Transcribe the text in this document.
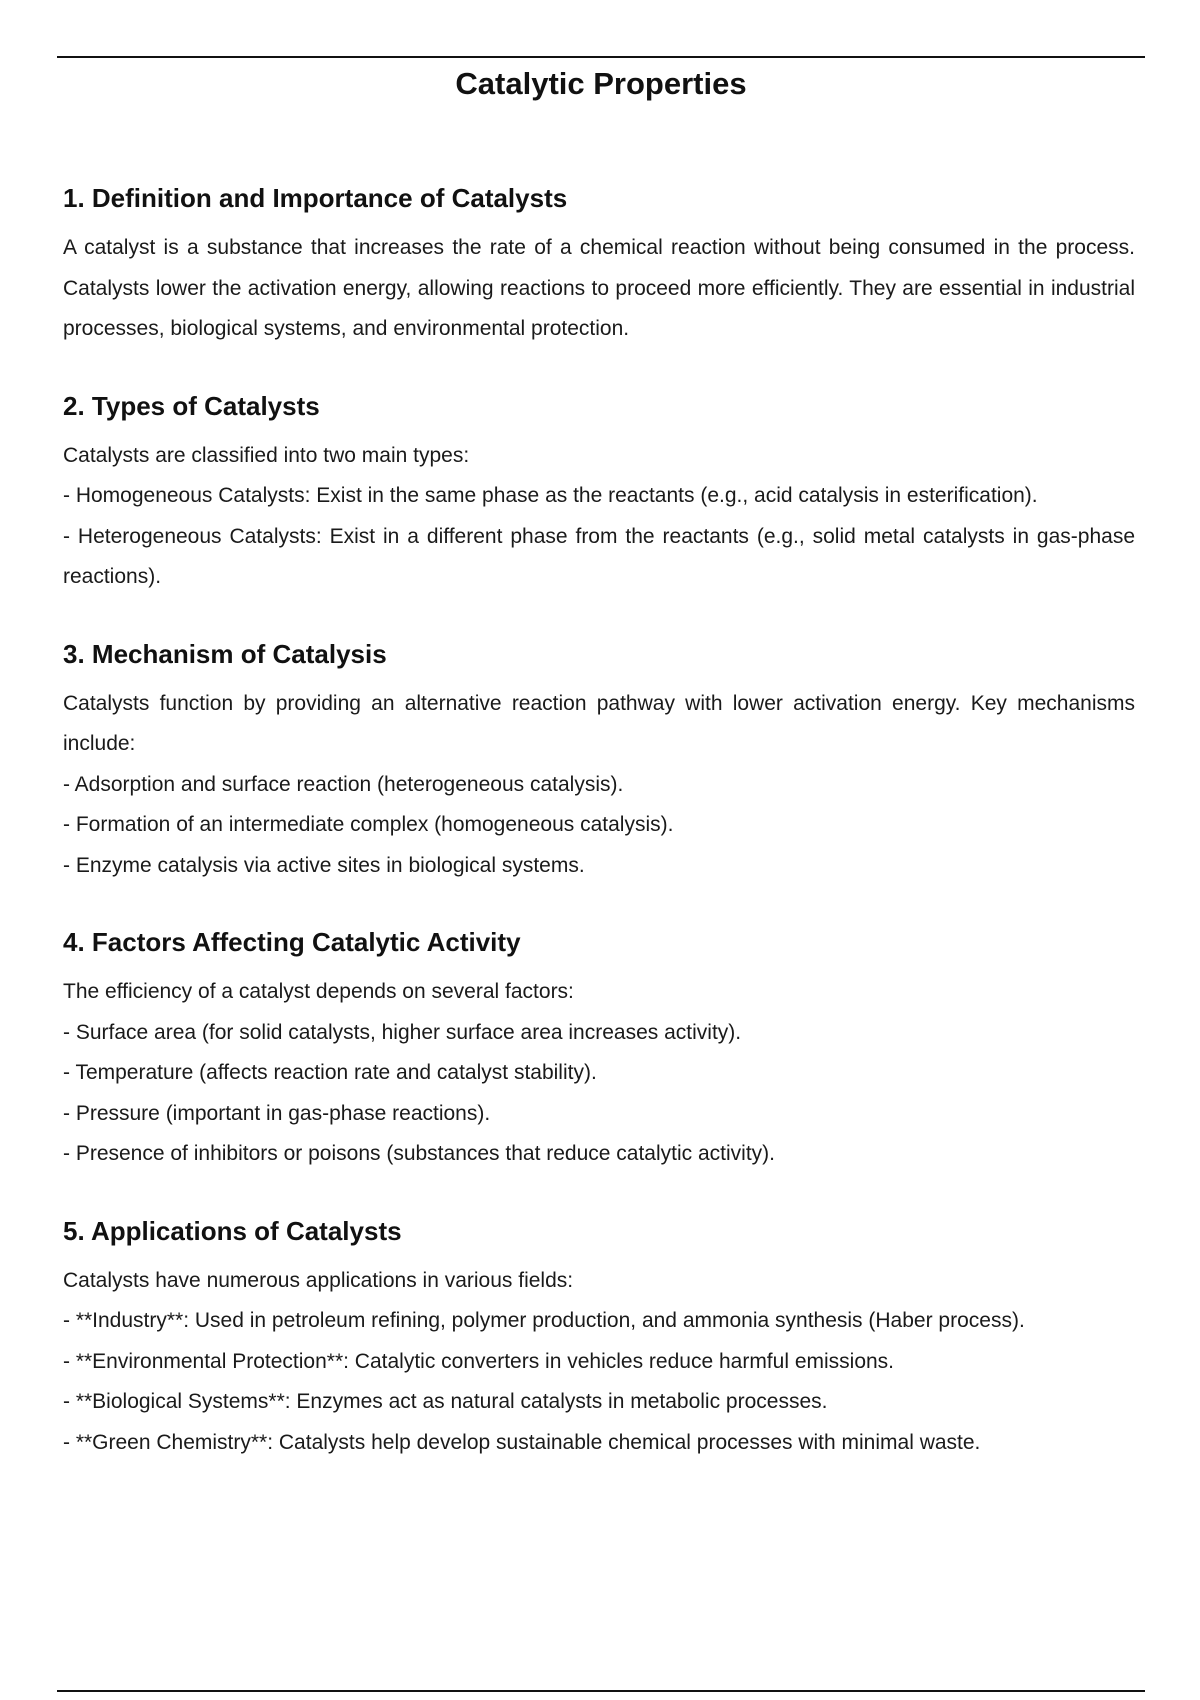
Catalytic Properties
1. Definition and Importance of Catalysts

A catalyst is a substance that increases the rate of a chemical reaction without being consumed in the process. Catalysts lower the activation energy, allowing reactions to proceed more efficiently. They are essential in industrial processes, biological systems, and environmental protection.

2. Types of Catalysts

Catalysts are classified into two main types:

- Homogeneous Catalysts: Exist in the same phase as the reactants (e.g., acid catalysis in esterification).

- Heterogeneous Catalysts: Exist in a different phase from the reactants (e.g., solid metal catalysts in gas-phase reactions).

3. Mechanism of Catalysis

Catalysts function by providing an alternative reaction pathway with lower activation energy. Key mechanisms include:

- Adsorption and surface reaction (heterogeneous catalysis).

- Formation of an intermediate complex (homogeneous catalysis).

- Enzyme catalysis via active sites in biological systems.

4. Factors Affecting Catalytic Activity

The efficiency of a catalyst depends on several factors:

- Surface area (for solid catalysts, higher surface area increases activity).

- Temperature (affects reaction rate and catalyst stability).

- Pressure (important in gas-phase reactions).

- Presence of inhibitors or poisons (substances that reduce catalytic activity).

5. Applications of Catalysts

Catalysts have numerous applications in various fields:

- **Industry**: Used in petroleum refining, polymer production, and ammonia synthesis (Haber process).

- **Environmental Protection**: Catalytic converters in vehicles reduce harmful emissions.

- **Biological Systems**: Enzymes act as natural catalysts in metabolic processes.

- **Green Chemistry**: Catalysts help develop sustainable chemical processes with minimal waste.
